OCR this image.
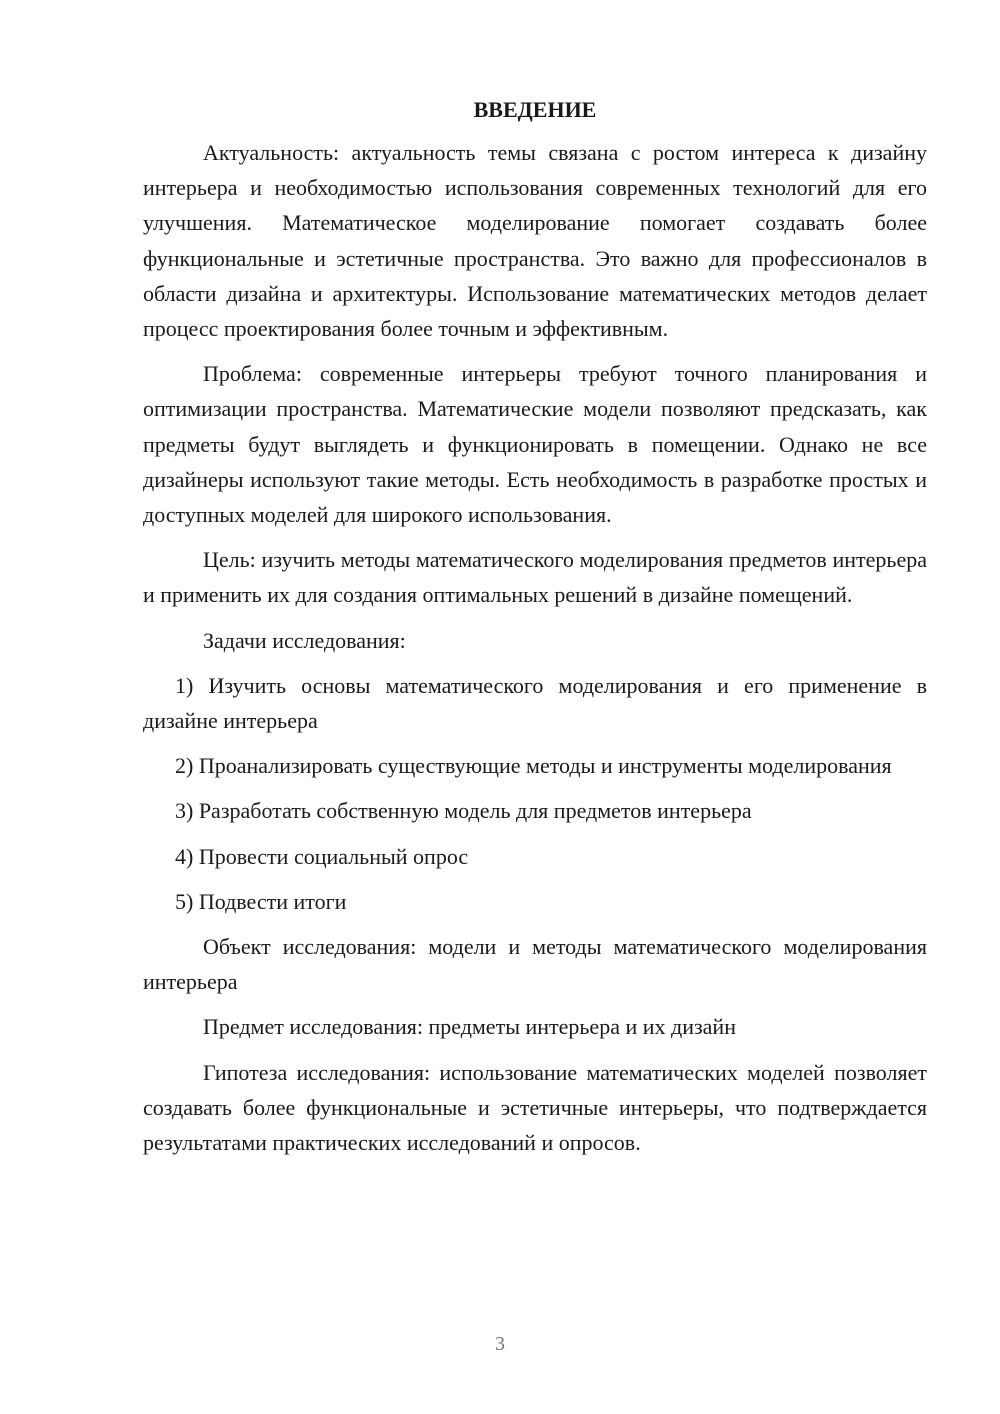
ВВЕДЕНИЕ

Актуальность: актуальность темы связана с ростом интереса к дизайну интерьера и необходимостью использования современных технологий для его улучшения. Математическое моделирование помогает создавать более функциональные и эстетичные пространства. Это важно для профессионалов в области дизайна и архитектуры. Использование математических методов делает процесс проектирования более точным и эффективным.

Проблема: современные интерьеры требуют точного планирования и оптимизации пространства. Математические модели позволяют предсказать, как предметы будут выглядеть и функционировать в помещении. Однако не все дизайнеры используют такие методы. Есть необходимость в разработке простых и доступных моделей для широкого использования.

Цель: изучить методы математического моделирования предметов интерьера и применить их для создания оптимальных решений в дизайне помещений.

Задачи исследования:

1) Изучить основы математического моделирования и его применение в дизайне интерьера

2) Проанализировать существующие методы и инструменты моделирования

3) Разработать собственную модель для предметов интерьера

4) Провести социальный опрос

5) Подвести итоги

Объект исследования: модели и методы математического моделирования интерьера

Предмет исследования: предметы интерьера и их дизайн

Гипотеза исследования: использование математических моделей позволяет создавать более функциональные и эстетичные интерьеры, что подтверждается результатами практических исследований и опросов.

3
